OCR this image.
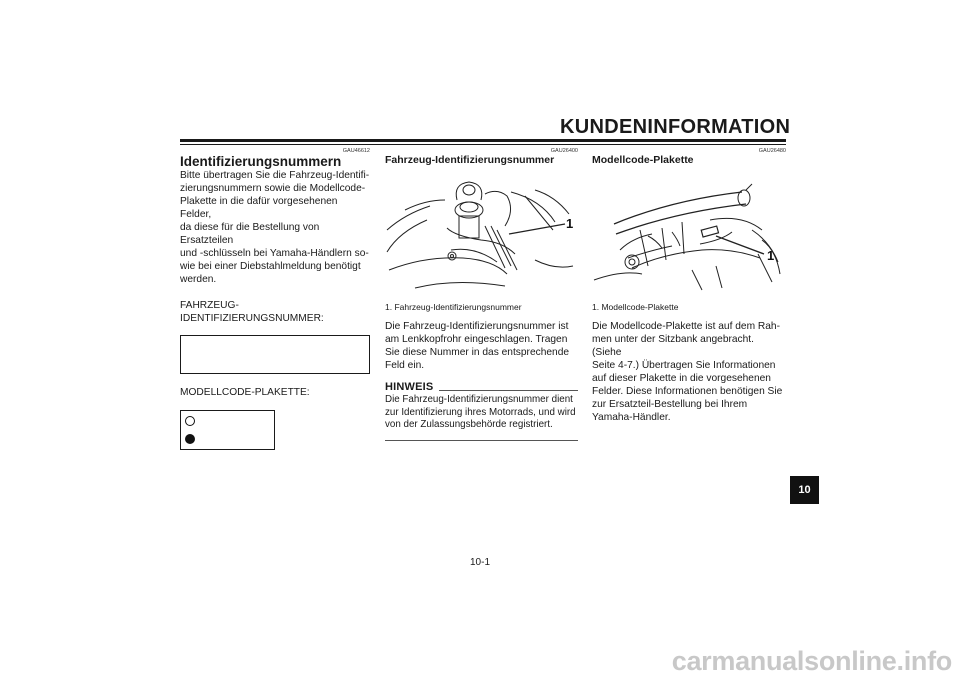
KUNDENINFORMATION
GAU46612
Identifizierungsnummern
Bitte übertragen Sie die Fahrzeug-Identifi-
zierungsnummern sowie die Modellcode-
Plakette in die dafür vorgesehenen Felder,
da diese für die Bestellung von Ersatzteilen
und -schlüsseln bei Yamaha-Händlern so-
wie bei einer Diebstahlmeldung benötigt
werden.
FAHRZEUG-
IDENTIFIZIERUNGSNUMMER:
MODELLCODE-PLAKETTE:
GAU26400
Fahrzeug-Identifizierungsnummer
1
1. Fahrzeug-Identifizierungsnummer
Die Fahrzeug-Identifizierungsnummer ist
am Lenkkopfrohr eingeschlagen. Tragen
Sie diese Nummer in das entsprechende
Feld ein.
HINWEIS
Die Fahrzeug-Identifizierungsnummer dient
zur Identifizierung ihres Motorrads, und wird
von der Zulassungsbehörde registriert.
GAU26480
Modellcode-Plakette
1
1. Modellcode-Plakette
Die Modellcode-Plakette ist auf dem Rah-
men unter der Sitzbank angebracht. (Siehe
Seite 4-7.) Übertragen Sie Informationen
auf dieser Plakette in die vorgesehenen
Felder. Diese Informationen benötigen Sie
zur Ersatzteil-Bestellung bei Ihrem
Yamaha-Händler.
10
10-1
carmanualsonline.info
